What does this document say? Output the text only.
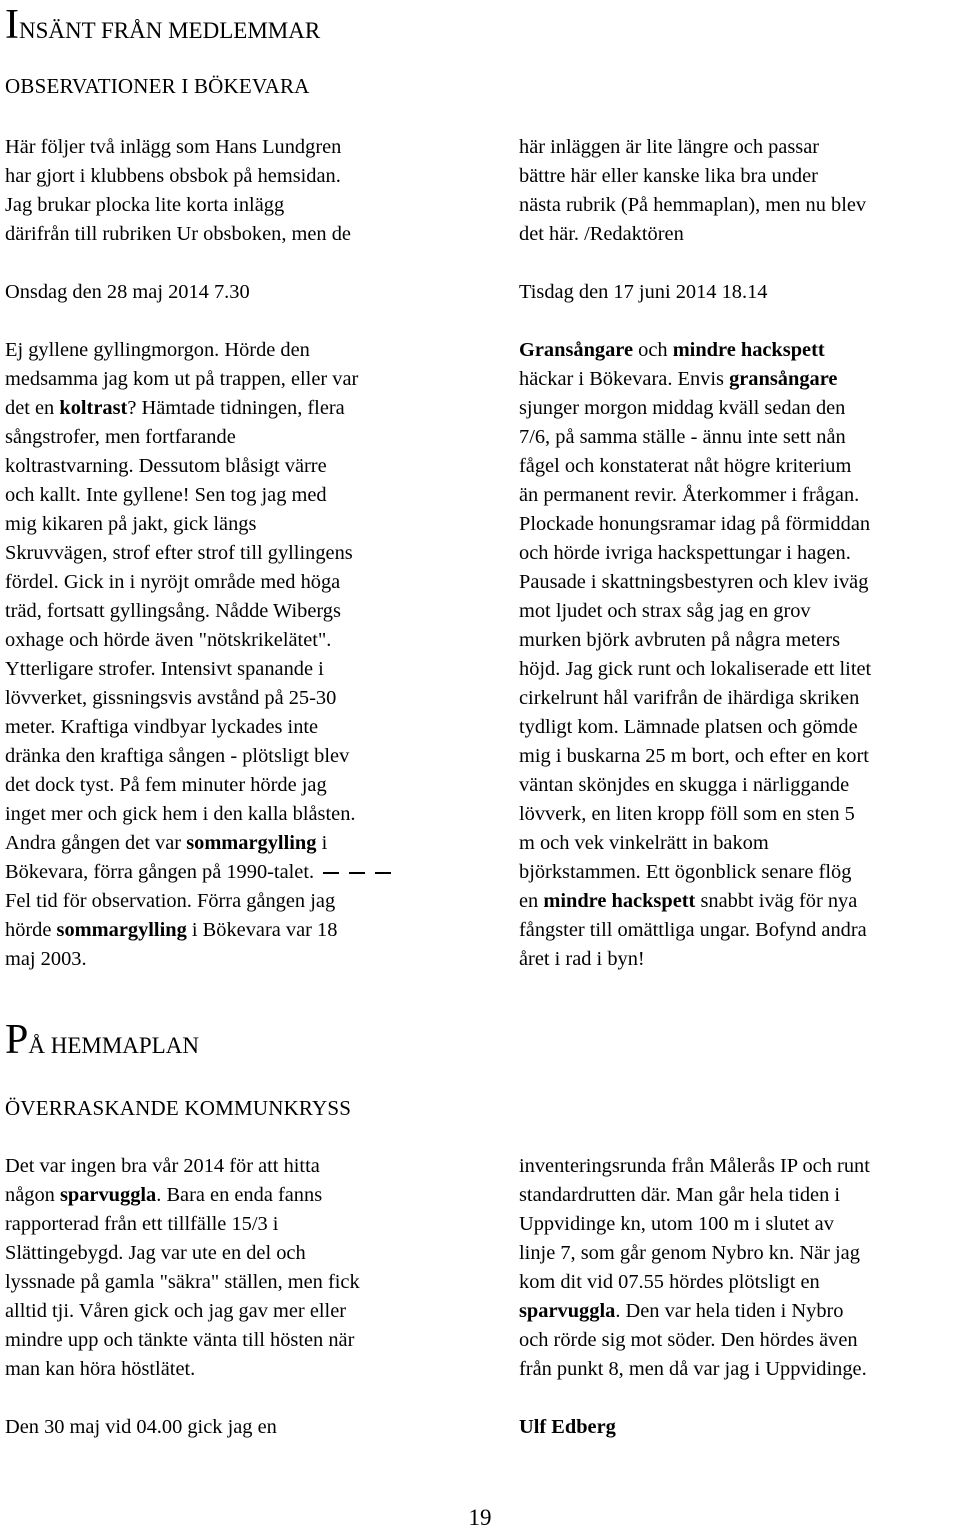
INSÄNT FRÅN MEDLEMMAR
OBSERVATIONER I BÖKEVARA

Här följer två inlägg som Hans Lundgren
har gjort i klubbens obsbok på hemsidan.
Jag brukar plocka lite korta inlägg
därifrån till rubriken Ur obsboken, men de

Onsdag den 28 maj 2014 7.30

Ej gyllene gyllingmorgon. Hörde den
medsamma jag kom ut på trappen, eller var
det en koltrast? Hämtade tidningen, flera
sångstrofer, men fortfarande
koltrastvarning. Dessutom blåsigt värre
och kallt. Inte gyllene! Sen tog jag med
mig kikaren på jakt, gick längs
Skruvvägen, strof efter strof till gyllingens
fördel. Gick in i nyröjt område med höga
träd, fortsatt gyllingsång. Nådde Wibergs
oxhage och hörde även "nötskrikelätet".
Ytterligare strofer. Intensivt spanande i
lövverket, gissningsvis avstånd på 25-30
meter. Kraftiga vindbyar lyckades inte
dränka den kraftiga sången - plötsligt blev
det dock tyst. På fem minuter hörde jag
inget mer och gick hem i den kalla blåsten.
Andra gången det var sommargylling i
Bökevara, förra gången på 1990-talet.
Fel tid för observation. Förra gången jag
hörde sommargylling i Bökevara var 18
maj 2003.

här inläggen är lite längre och passar
bättre här eller kanske lika bra under
nästa rubrik (På hemmaplan), men nu blev
det här. /Redaktören

Tisdag den 17 juni 2014 18.14

Gransångare och mindre hackspett
häckar i Bökevara. Envis gransångare
sjunger morgon middag kväll sedan den
7/6, på samma ställe - ännu inte sett nån
fågel och konstaterat nåt högre kriterium
än permanent revir. Återkommer i frågan.
Plockade honungsramar idag på förmiddan
och hörde ivriga hackspettungar i hagen.
Pausade i skattningsbestyren och klev iväg
mot ljudet och strax såg jag en grov
murken björk avbruten på några meters
höjd. Jag gick runt och lokaliserade ett litet
cirkelrunt hål varifrån de ihärdiga skriken
tydligt kom. Lämnade platsen och gömde
mig i buskarna 25 m bort, och efter en kort
väntan skönjdes en skugga i närliggande
lövverk, en liten kropp föll som en sten 5
m och vek vinkelrätt in bakom
björkstammen. Ett ögonblick senare flög
en mindre hackspett snabbt iväg för nya
fångster till omättliga ungar. Bofynd andra
året i rad i byn!

PÅ HEMMAPLAN
ÖVERRASKANDE KOMMUNKRYSS

Det var ingen bra vår 2014 för att hitta
någon sparvuggla. Bara en enda fanns
rapporterad från ett tillfälle 15/3 i
Slättingebygd. Jag var ute en del och
lyssnade på gamla "säkra" ställen, men fick
alltid tji. Våren gick och jag gav mer eller
mindre upp och tänkte vänta till hösten när
man kan höra höstlätet.

Den 30 maj vid 04.00 gick jag en

inventeringsrunda från Målerås IP och runt
standardrutten där. Man går hela tiden i
Uppvidinge kn, utom 100 m i slutet av
linje 7, som går genom Nybro kn. När jag
kom dit vid 07.55 hördes plötsligt en
sparvuggla. Den var hela tiden i Nybro
och rörde sig mot söder. Den hördes även
från punkt 8, men då var jag i Uppvidinge.

Ulf Edberg

19
